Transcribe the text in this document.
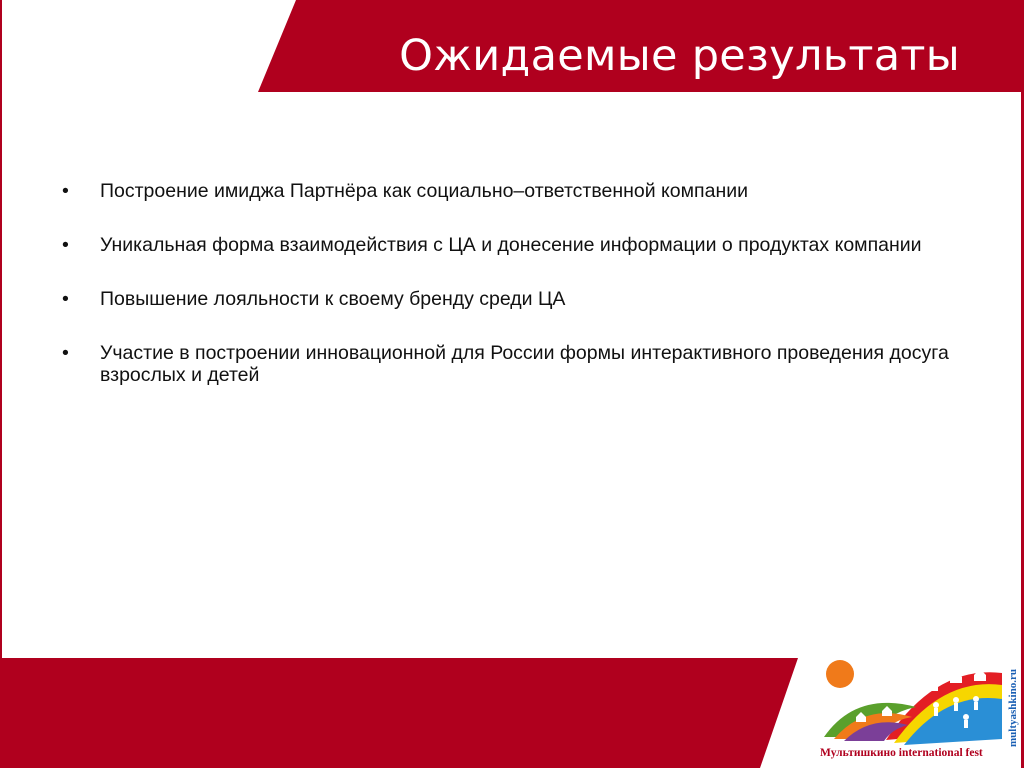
Ожидаемые результаты
•	Построение имиджа Партнёра как социально–ответственной компании
•	Уникальная форма взаимодействия с ЦА и донесение информации о продуктах компании
•	Повышение лояльности к своему бренду среди ЦА
•	Участие в построении инновационной для России формы интерактивного проведения досуга взрослых и детей
Мультишкино international fest
multyashkino.ru
